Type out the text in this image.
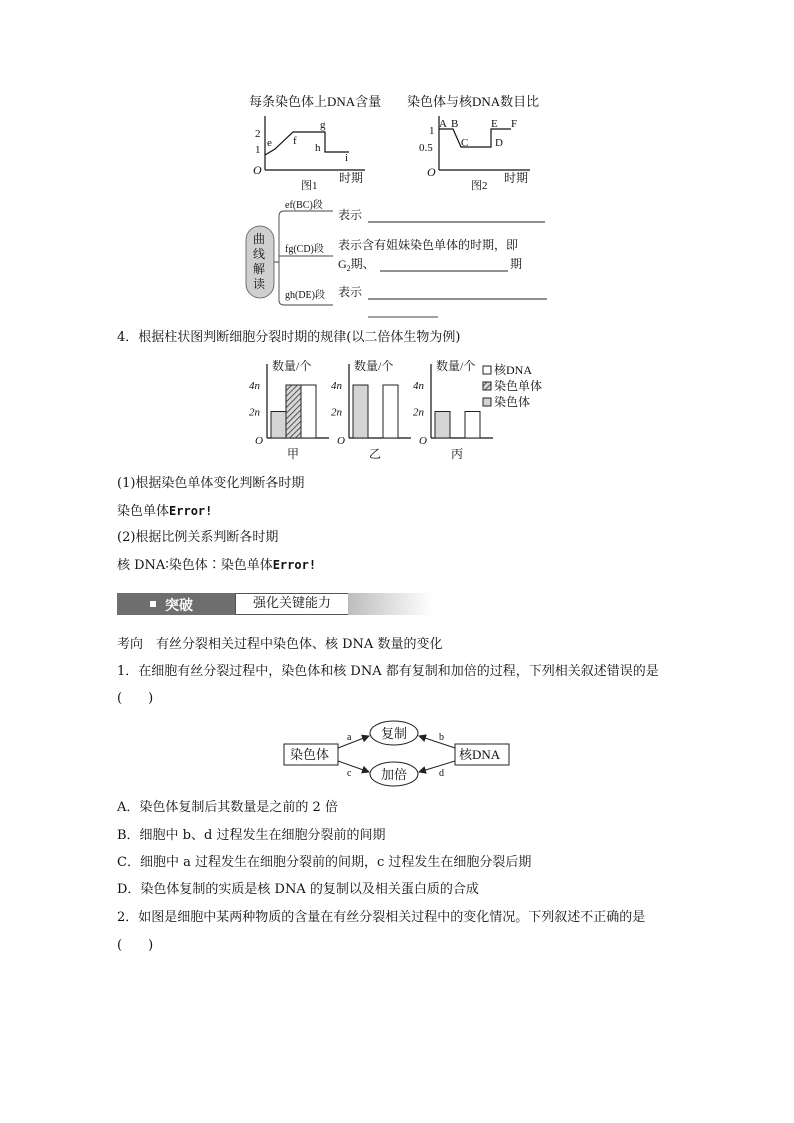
每条染色体上DNA含量
O
2
1
e f
g
h
i
图1
时期
染色体与核DNA数目比
O
1
0.5
A B
C D
E F
图2
时期
曲
线
解
读
ef(BC)段
表示
fg(CD)段 表示含有姐妹染色单体的时期，即
$G_2$期、	期
gh(DE)段 表示
4．根据柱状图判断细胞分裂时期的规律(以二倍体生物为例)
数量/个
O
4n
2n
甲
数量/个
O
4n
2n
乙
数量/个
O
4n
2n
丙
核DNA
染色单体
染色体
(1)根据染色单体变化判断各时期
染色单体Error!
(2)根据比例关系判断各时期
核 DNA∶染色体∶染色单体Error!
突破	强化关键能力
考向　有丝分裂相关过程中染色体、核 DNA 数量的变化
1．在细胞有丝分裂过程中，染色体和核 DNA 都有复制和加倍的过程，下列相关叙述错误的是
(　　)
染色体	核DNA
复制
加倍
a
c
b
d
A．染色体复制后其数量是之前的 2 倍
B．细胞中 b、d 过程发生在细胞分裂前的间期
C．细胞中 a 过程发生在细胞分裂前的间期，c 过程发生在细胞分裂后期
D．染色体复制的实质是核 DNA 的复制以及相关蛋白质的合成
2．如图是细胞中某两种物质的含量在有丝分裂相关过程中的变化情况。下列叙述不正确的是
(　　)
